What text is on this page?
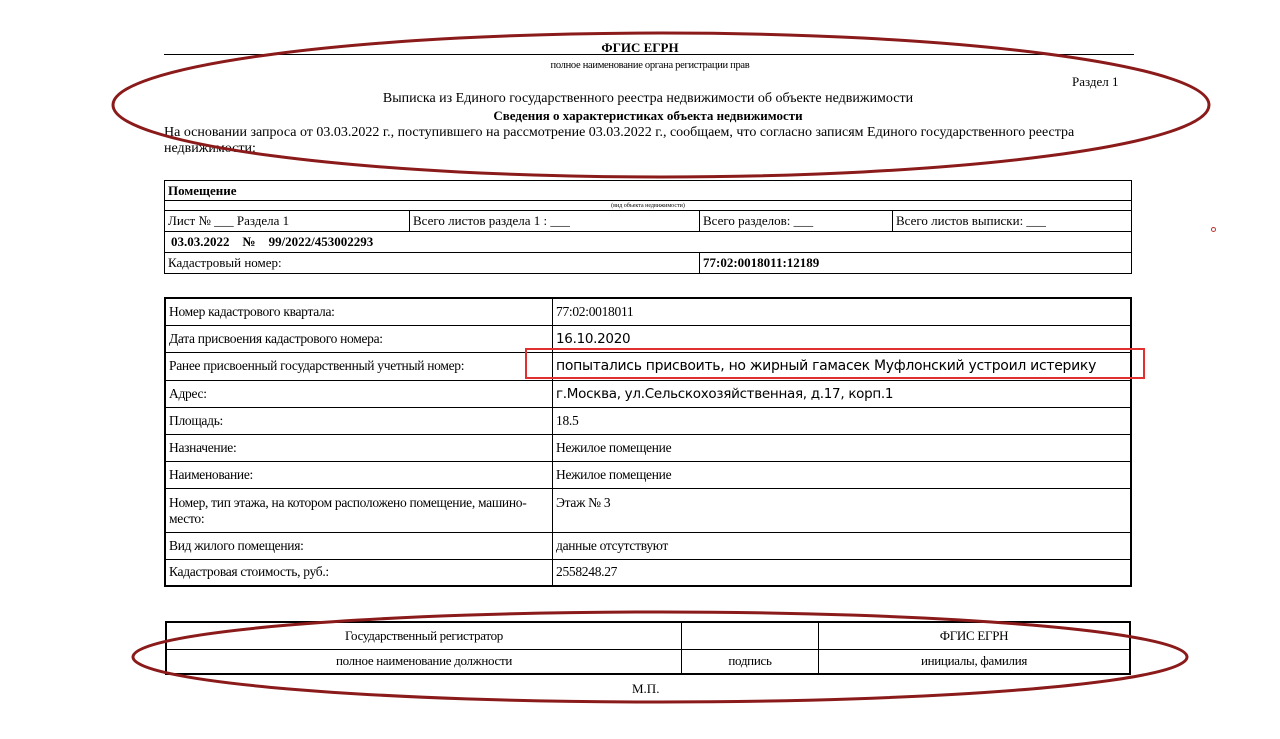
ФГИС ЕГРН
полное наименование органа регистрации прав
Раздел 1
Выписка из Единого государственного реестра недвижимости об объекте недвижимости
Сведения о характеристиках объекта недвижимости
На основании запроса от 03.03.2022 г., поступившего на рассмотрение 03.03.2022 г., сообщаем, что согласно записям Единого государственного реестра недвижимости:
Помещение			
(вид объекта недвижимости)			
Лист № ___ Раздела 1	Всего листов раздела 1 : ___	Всего разделов: ___	Всего листов выписки: ___
03.03.2022    №    99/2022/453002293			
Кадастровый номер:		77:02:0018011:12189	
Номер кадастрового квартала:	77:02:0018011
Дата присвоения кадастрового номера:	16.10.2020
Ранее присвоенный государственный учетный номер:	попытались присвоить, но жирный гамасек Муфлонский устроил истерику
Адрес:	г.Москва, ул.Сельскохозяйственная, д.17, корп.1
Площадь:	18.5
Назначение:	Нежилое помещение
Наименование:	Нежилое помещение
Номер, тип этажа, на котором расположено помещение, машино-место:	Этаж № 3
Вид жилого помещения:	данные отсутствуют
Кадастровая стоимость, руб.:	2558248.27
Государственный регистратор		ФГИС ЕГРН
полное наименование должности	подпись	инициалы, фамилия
М.П.
